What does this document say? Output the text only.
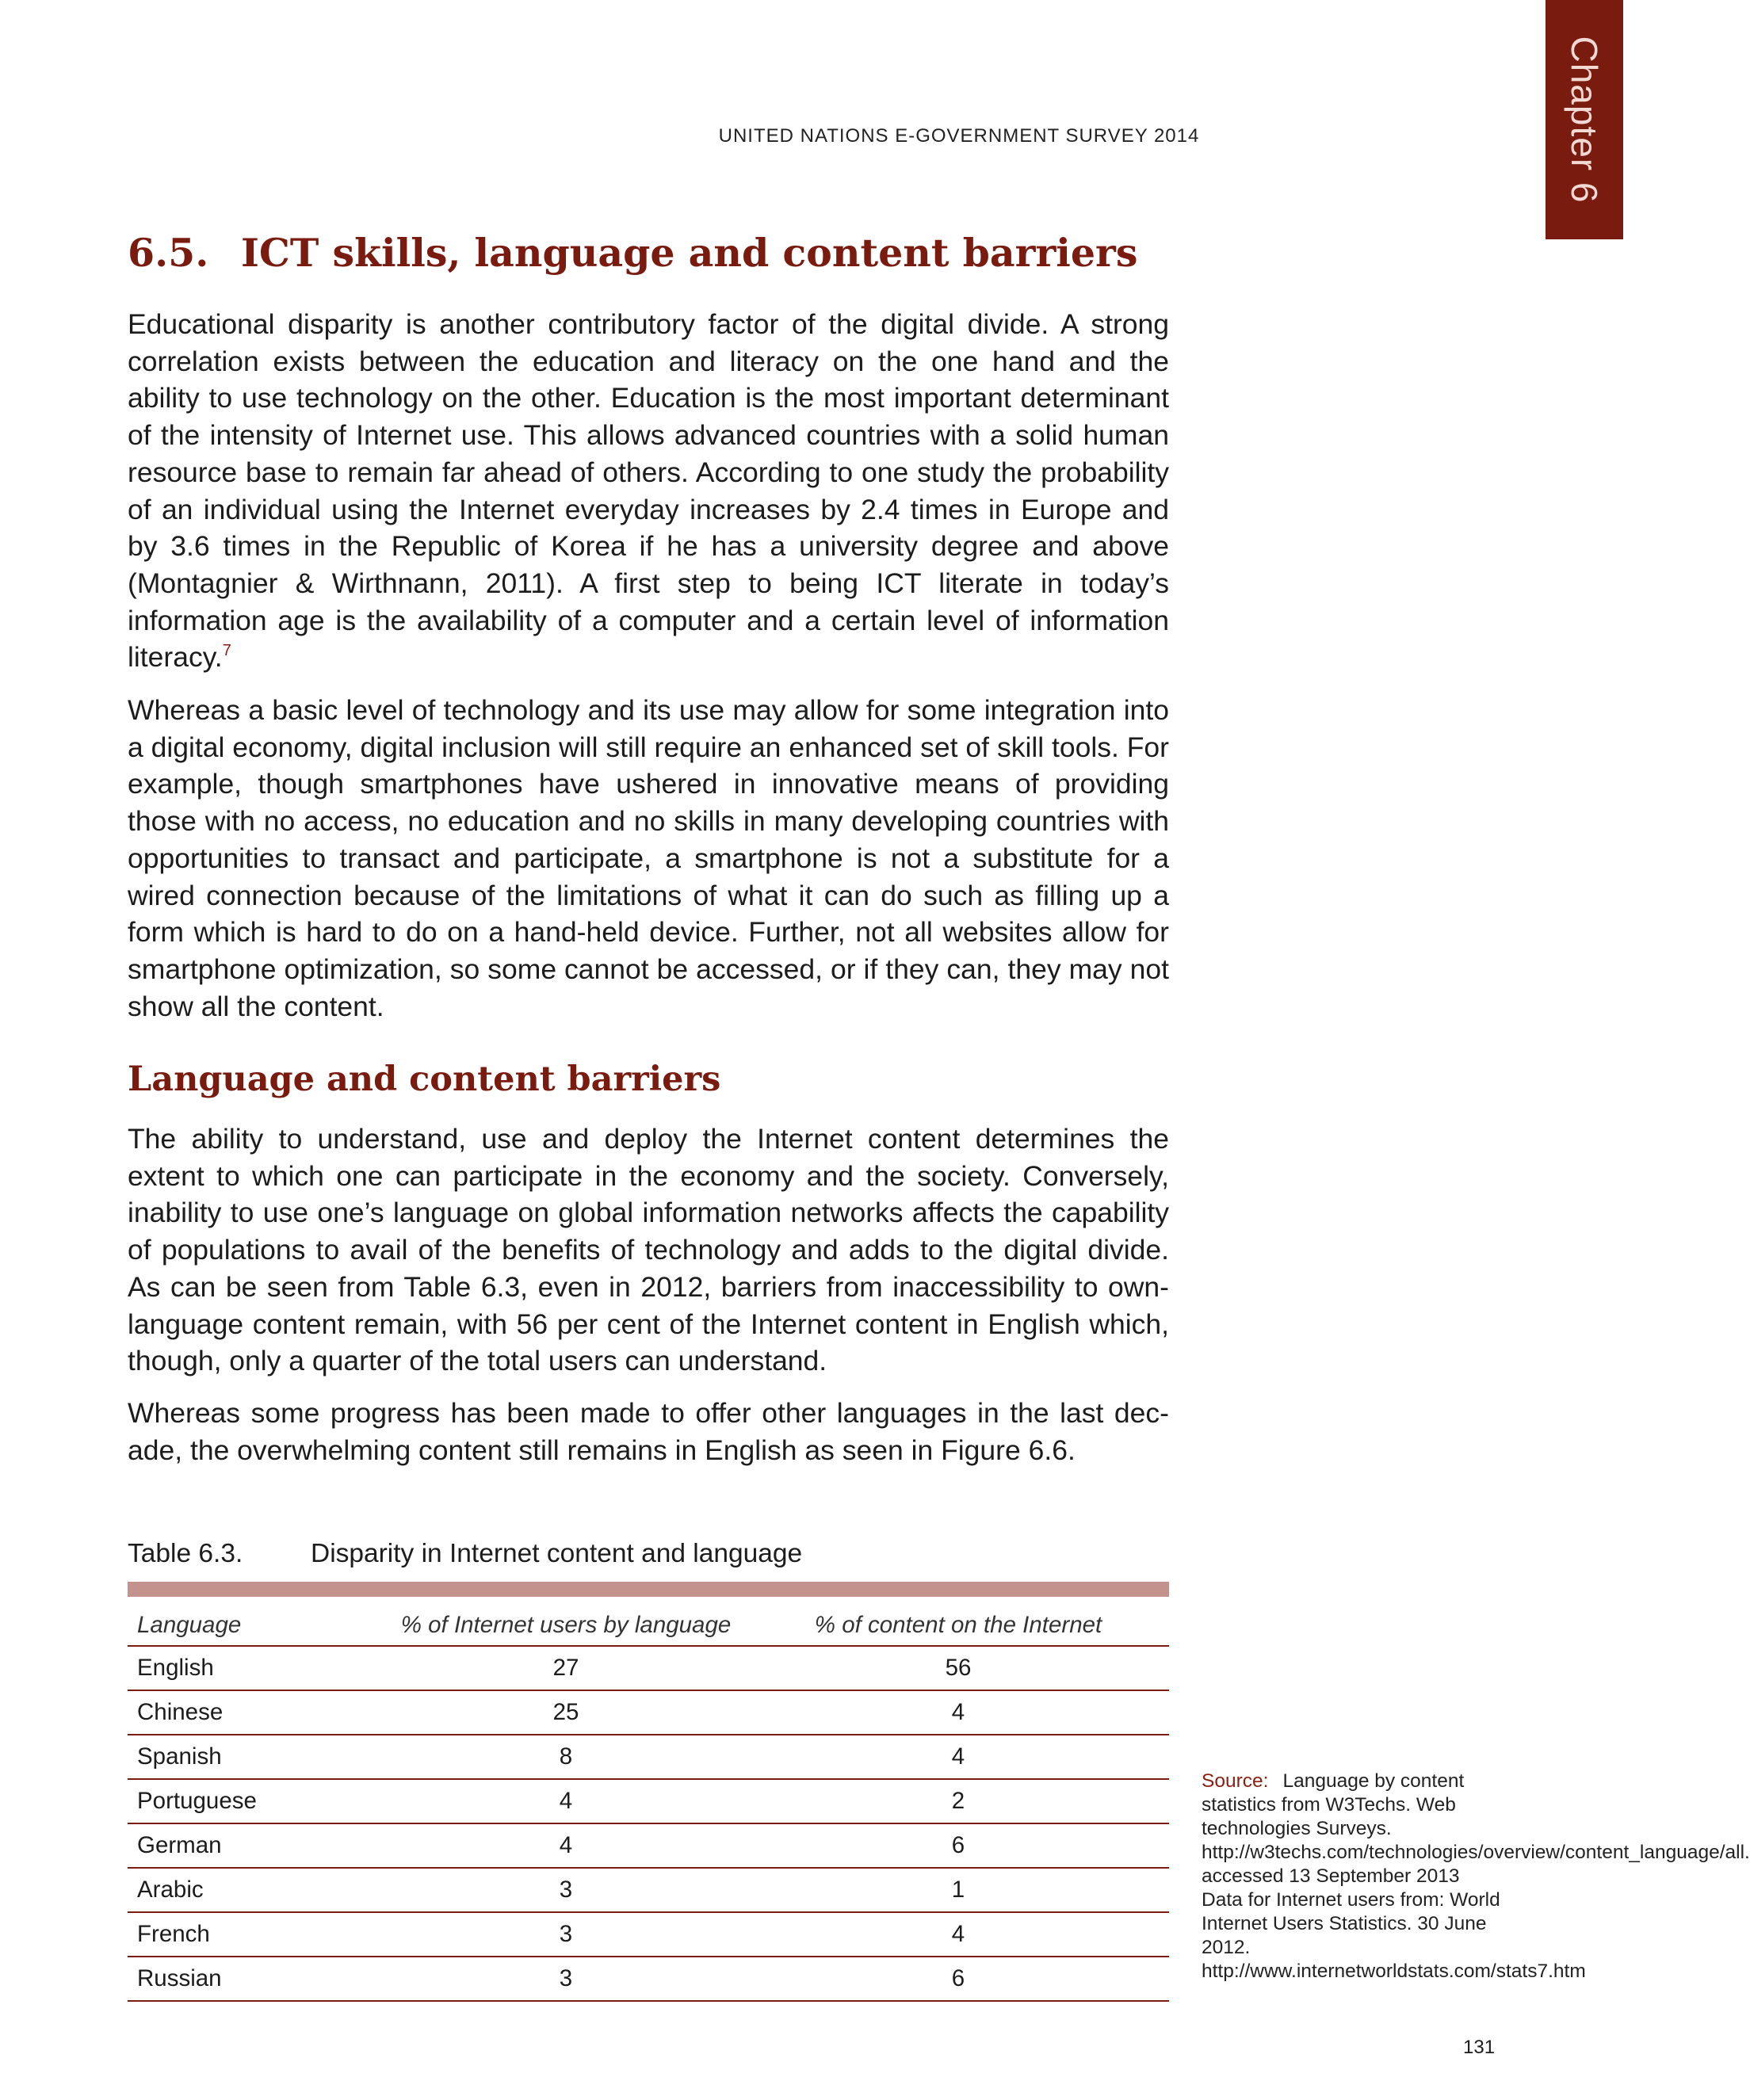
Chapter 6
UNITED NATIONS E-GOVERNMENT SURVEY 2014
6.5. ICT skills, language and content barriers

Educational disparity is another contributory factor of the digital divide. A strong correlation exists between the education and literacy on the one hand and the ability to use technology on the other. Education is the most important determinant of the intensity of Internet use. This allows advanced countries with a solid human resource base to remain far ahead of others. According to one study the probability of an individual using the Internet everyday increases by 2.4 times in Europe and by 3.6 times in the Republic of Korea if he has a university degree and above (Montagnier & Wirthnann, 2011). A first step to being ICT literate in today’s information age is the availability of a computer and a certain level of information literacy.$^7$

Whereas a basic level of technology and its use may allow for some integration into a digital economy, digital inclusion will still require an enhanced set of skill tools. For example, though smartphones have ushered in innovative means of providing those with no access, no education and no skills in many developing countries with opportunities to transact and participate, a smartphone is not a substitute for a wired connection because of the limitations of what it can do such as filling up a form which is hard to do on a hand-held device. Further, not all websites allow for smartphone optimization, so some cannot be accessed, or if they can, they may not show all the content.

Language and content barriers

The ability to understand, use and deploy the Internet content determines the extent to which one can participate in the economy and the society. Conversely, inability to use one’s language on global information networks affects the capability of populations to avail of the benefits of technology and adds to the digital divide. As can be seen from Table 6.3, even in 2012, barriers from inaccessibility to own-language content remain, with 56 per cent of the Internet content in English which, though, only a quarter of the total users can understand.

Whereas some progress has been made to offer other languages in the last decade, the overwhelming content still remains in English as seen in Figure 6.6.

Table 6.3.	Disparity in Internet content and language
Language	% of Internet users by language	% of content on the Internet
English	27	56
Chinese	25	4
Spanish	8	4
Portuguese	4	2
German	4	6
Arabic	3	1
French	3	4
Russian	3	6
Source: Language by content statistics from W3Techs. Web technologies Surveys. http://w3techs.com/technologies/overview/content_language/all. accessed 13 September 2013 Data for Internet users from: World Internet Users Statistics. 30 June 2012. http://www.internetworldstats.com/stats7.htm
131
